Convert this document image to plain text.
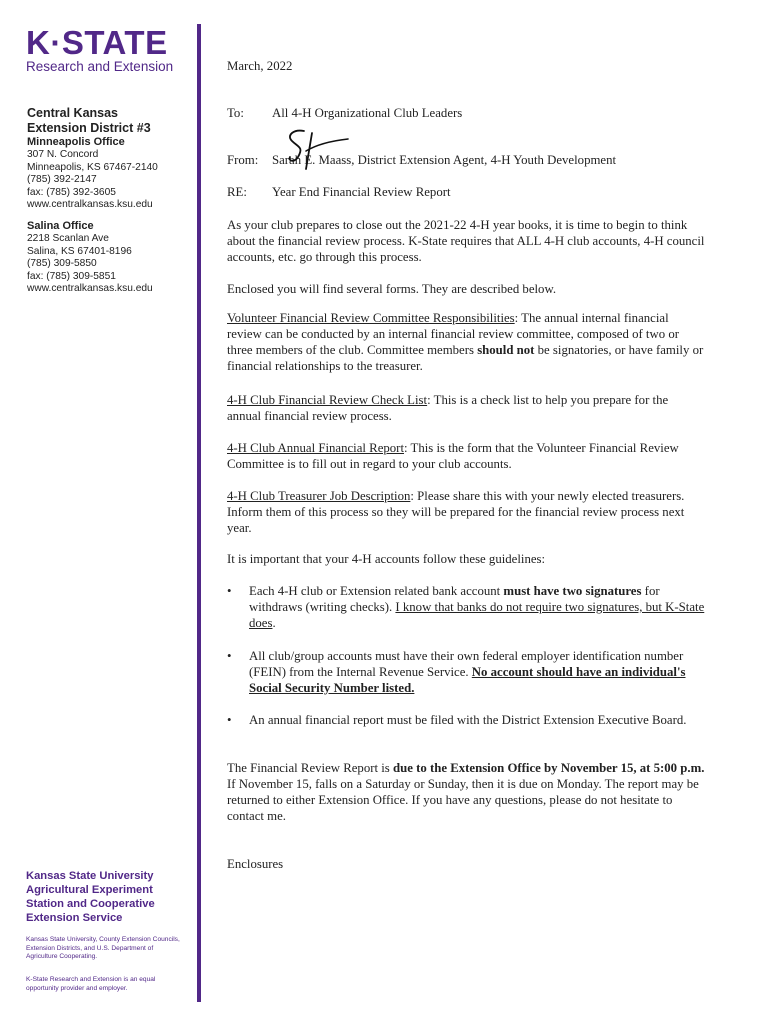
K·STATE
Research and Extension
Central Kansas
Extension District #3
Minneapolis Office
307 N. Concord
Minneapolis, KS 67467-2140
(785) 392-2147
fax: (785) 392-3605
www.centralkansas.ksu.edu
Salina Office
2218 Scanlan Ave
Salina, KS 67401-8196
(785) 309-5850
fax: (785) 309-5851
www.centralkansas.ksu.edu
Kansas State University
Agricultural Experiment
Station and Cooperative
Extension Service
Kansas State University, County Extension Councils, Extension Districts, and U.S. Department of Agriculture Cooperating.
K-State Research and Extension is an equal opportunity provider and employer.
March, 2022
To: All 4-H Organizational Club Leaders
From: Sarah E. Maass, District Extension Agent, 4-H Youth Development
RE: Year End Financial Review Report
As your club prepares to close out the 2021-22 4-H year books, it is time to begin to think about the financial review process. K-State requires that ALL 4-H club accounts, 4-H council accounts, etc. go through this process.
Enclosed you will find several forms. They are described below.
Volunteer Financial Review Committee Responsibilities: The annual internal financial review can be conducted by an internal financial review committee, composed of two or three members of the club. Committee members should not be signatories, or have family or financial relationships to the treasurer.
4-H Club Financial Review Check List: This is a check list to help you prepare for the annual financial review process.
4-H Club Annual Financial Report: This is the form that the Volunteer Financial Review Committee is to fill out in regard to your club accounts.
4-H Club Treasurer Job Description: Please share this with your newly elected treasurers. Inform them of this process so they will be prepared for the financial review process next year.
It is important that your 4-H accounts follow these guidelines:
• Each 4-H club or Extension related bank account must have two signatures for withdraws (writing checks). I know that banks do not require two signatures, but K-State does.
• All club/group accounts must have their own federal employer identification number (FEIN) from the Internal Revenue Service. No account should have an individual's Social Security Number listed.
• An annual financial report must be filed with the District Extension Executive Board.
The Financial Review Report is due to the Extension Office by November 15, at 5:00 p.m. If November 15, falls on a Saturday or Sunday, then it is due on Monday. The report may be returned to either Extension Office. If you have any questions, please do not hesitate to contact me.
Enclosures
